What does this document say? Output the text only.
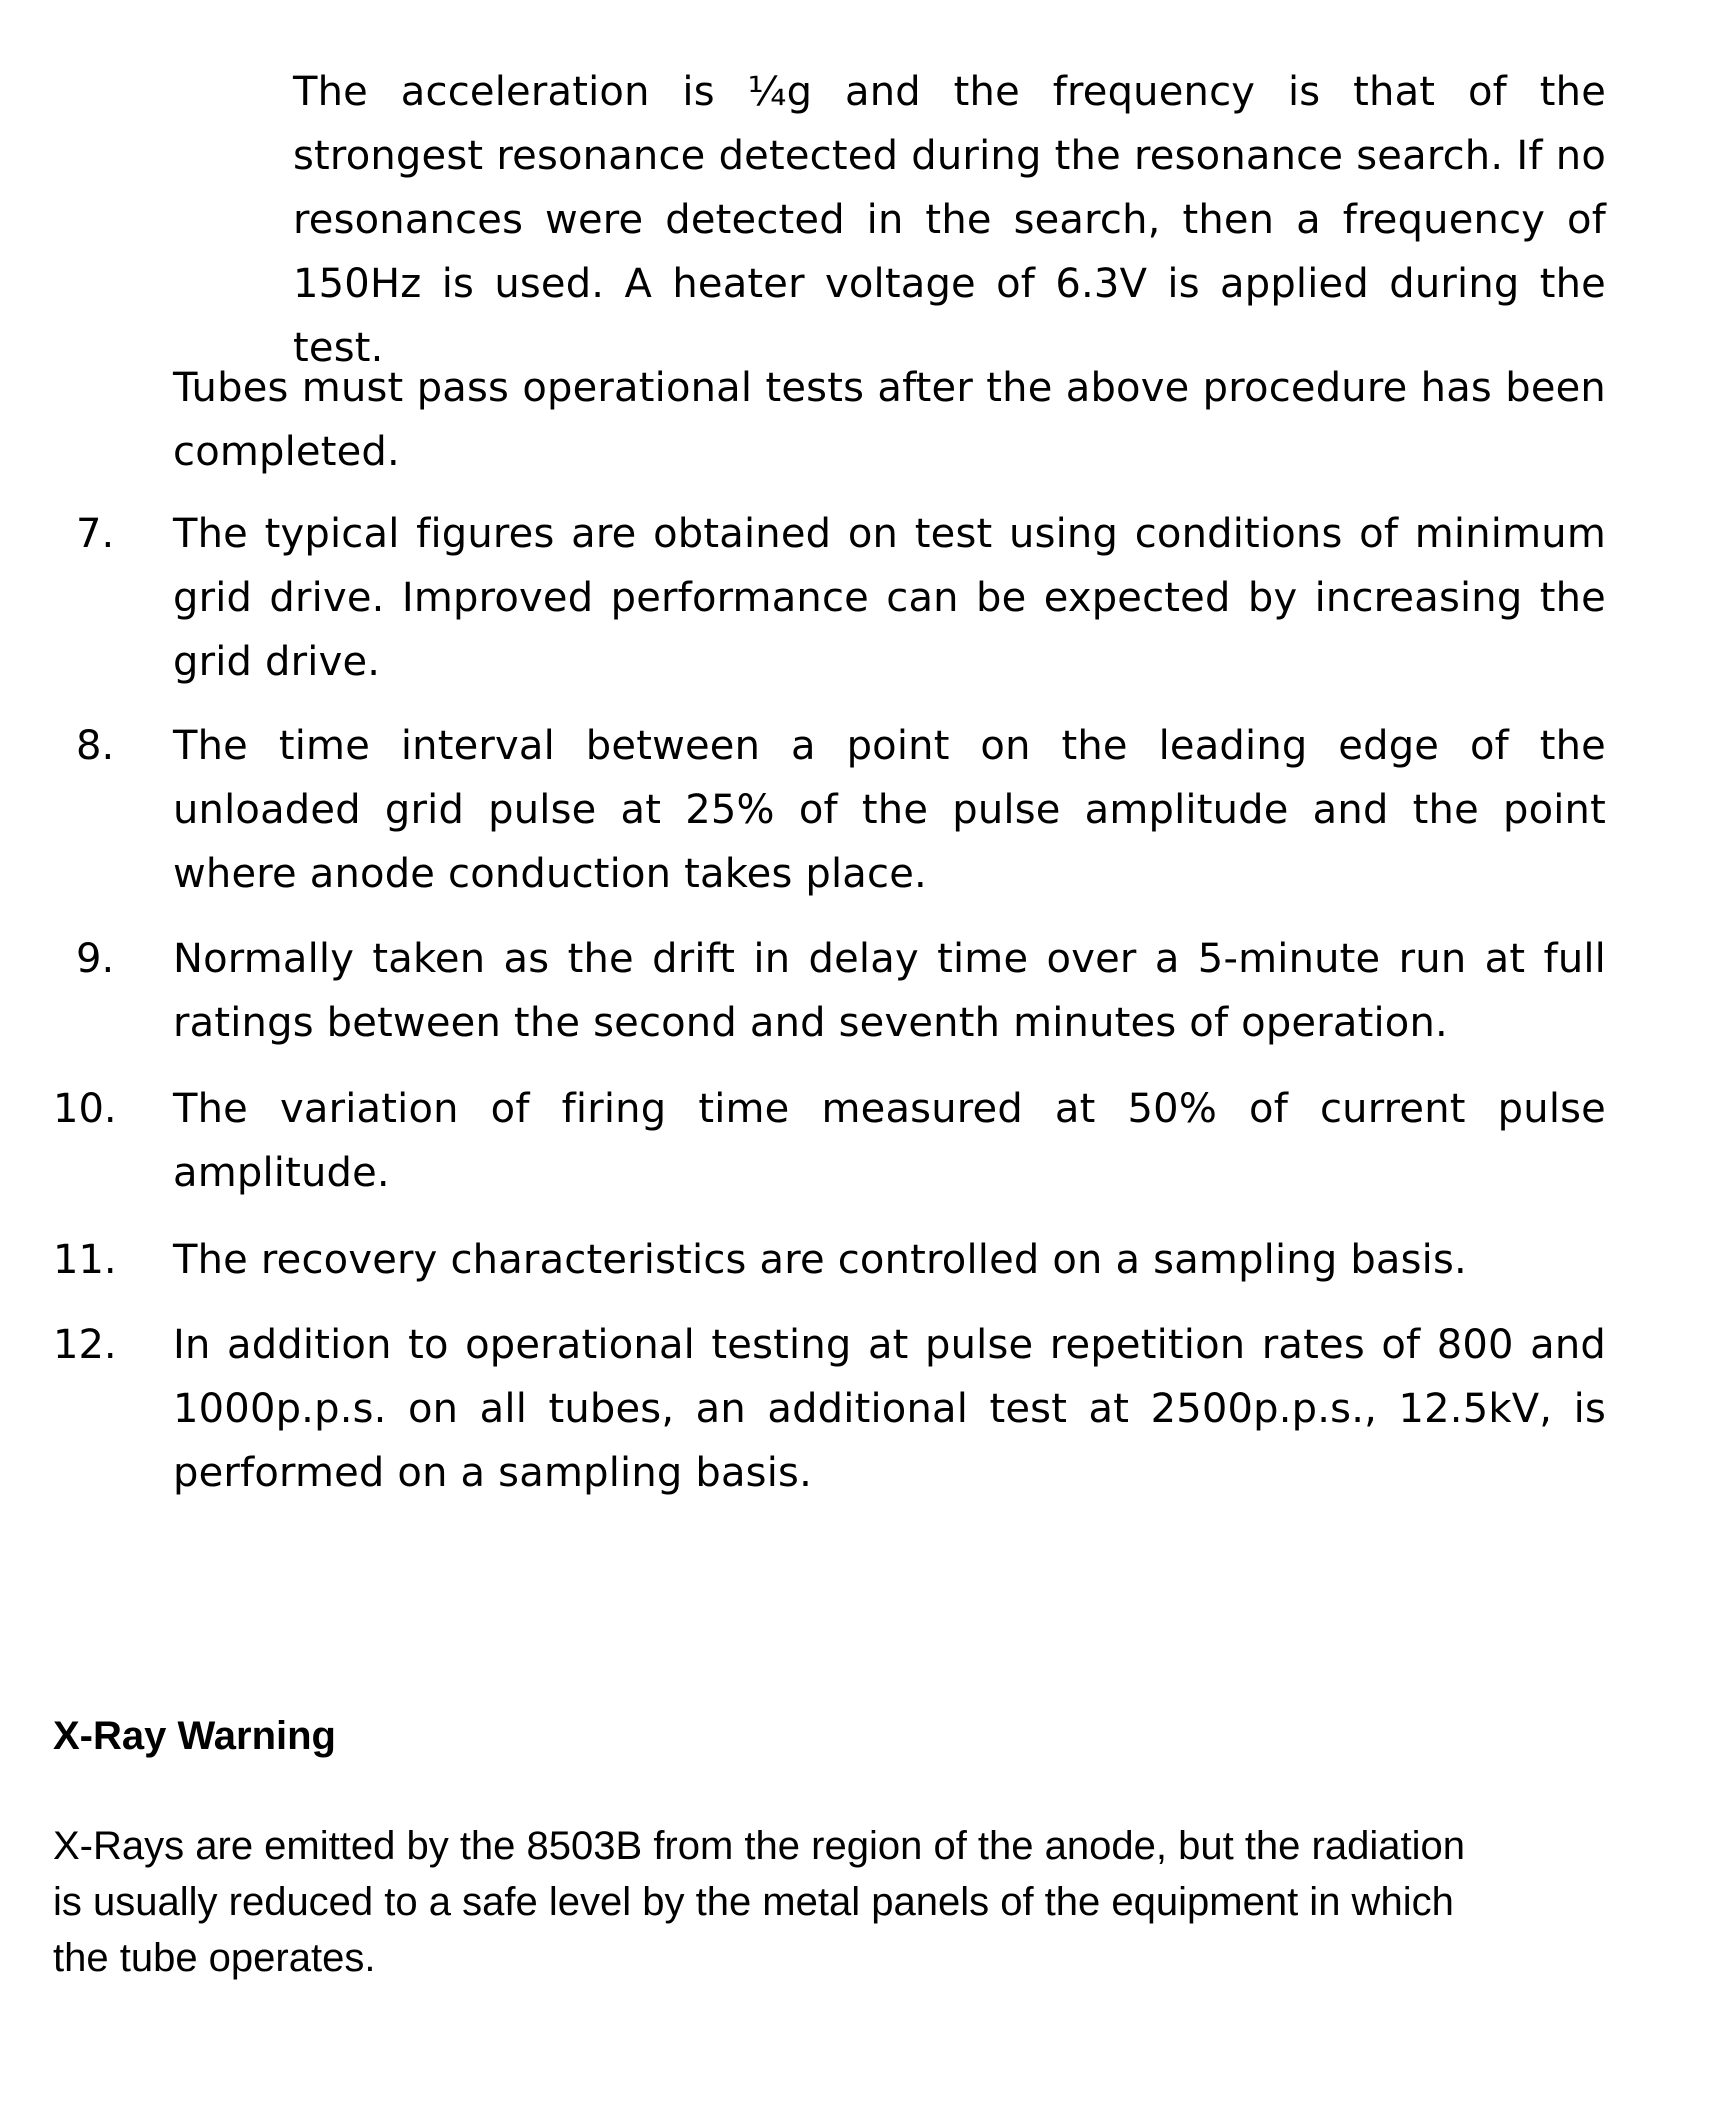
The acceleration is ¼g and the frequency is that of the strongest resonance detected during the resonance search. If no resonances were detected in the search, then a frequency of 150Hz is used. A heater voltage of 6.3V is applied during the test.

Tubes must pass operational tests after the above procedure has been completed.

7. The typical figures are obtained on test using conditions of minimum grid drive. Improved performance can be expected by increasing the grid drive.

8. The time interval between a point on the leading edge of the unloaded grid pulse at 25% of the pulse amplitude and the point where anode conduction takes place.

9. Normally taken as the drift in delay time over a 5-minute run at full ratings between the second and seventh minutes of operation.

10. The variation of firing time measured at 50% of current pulse amplitude.

11. The recovery characteristics are controlled on a sampling basis.

12. In addition to operational testing at pulse repetition rates of 800 and 1000p.p.s. on all tubes, an additional test at 2500p.p.s., 12.5kV, is performed on a sampling basis.

X-Ray Warning

X-Rays are emitted by the 8503B from the region of the anode, but the radiation is usually reduced to a safe level by the metal panels of the equipment in which the tube operates.
